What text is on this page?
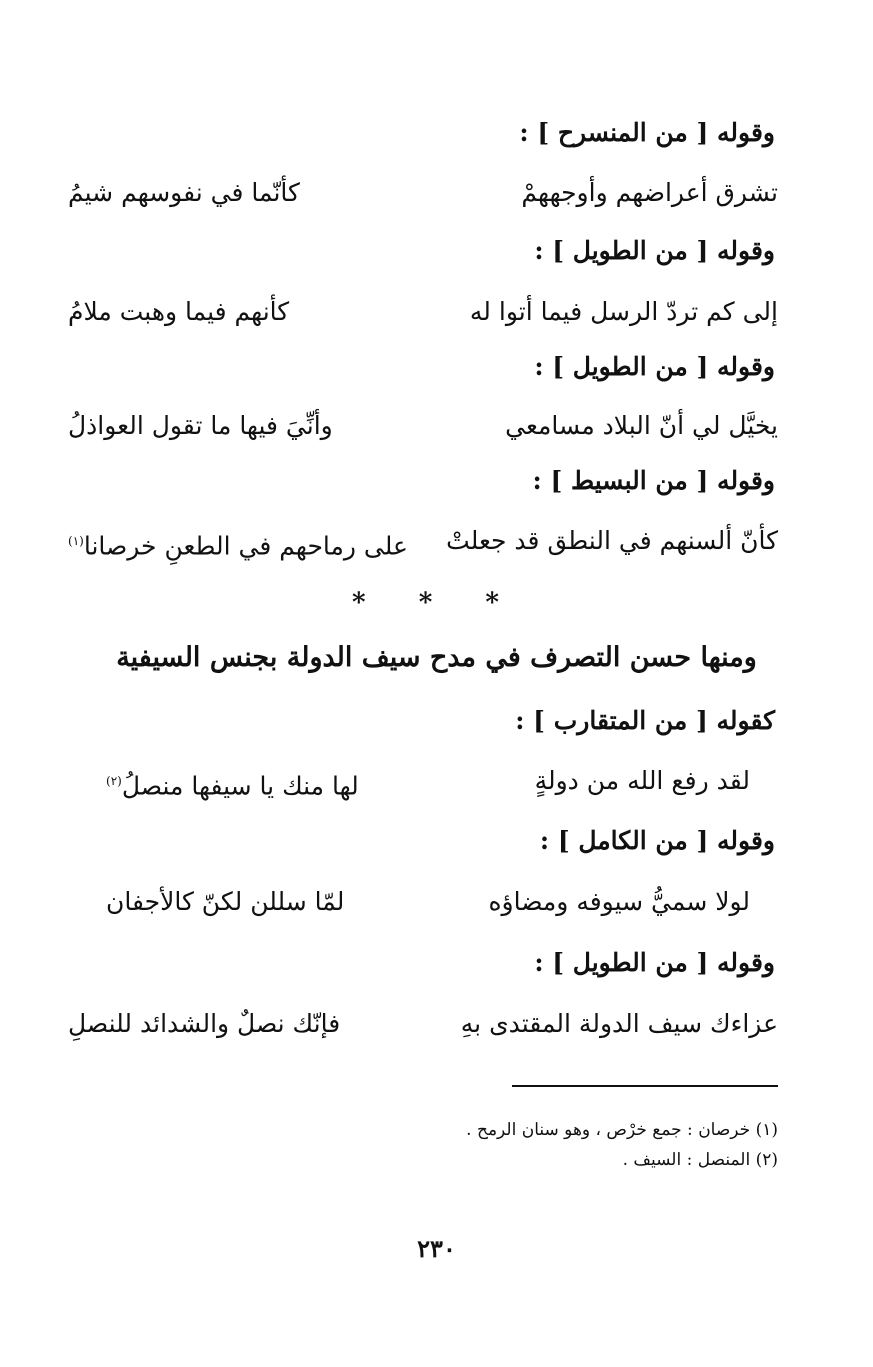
وقوله [ من المنسرح ] :
تشرق أعراضهم وأوجههمْ
كأنّما في نفوسهم شيمُ
وقوله [ من الطويل ] :
إلى كم تردّ الرسل فيما أتوا له
كأنهم فيما وهبت ملامُ
وقوله [ من الطويل ] :
يخيَّل لي أنّ البلاد مسامعي
وأنِّيَ فيها ما تقول العواذلُ
وقوله [ من البسيط ] :
كأنّ ألسنهم في النطق قد جعلتْ
على رماحهم في الطعنِ خرصانا$^{(١)}$
* * *
ومنها حسن التصرف في مدح سيف الدولة بجنس السيفية
كقوله [ من المتقارب ] :
لقد رفع الله من دولةٍ
لها منك يا سيفها منصلُ$^{(٢)}$
وقوله [ من الكامل ] :
لولا سميُّ سيوفه ومضاؤه
لمّا سللن لكنّ كالأجفان
وقوله [ من الطويل ] :
عزاءك سيف الدولة المقتدى بهِ
فإنّك نصلٌ والشدائد للنصلِ
(١) خرصان : جمع خرْص ، وهو سنان الرمح .
(٢) المنصل : السيف .
٢٣٠
